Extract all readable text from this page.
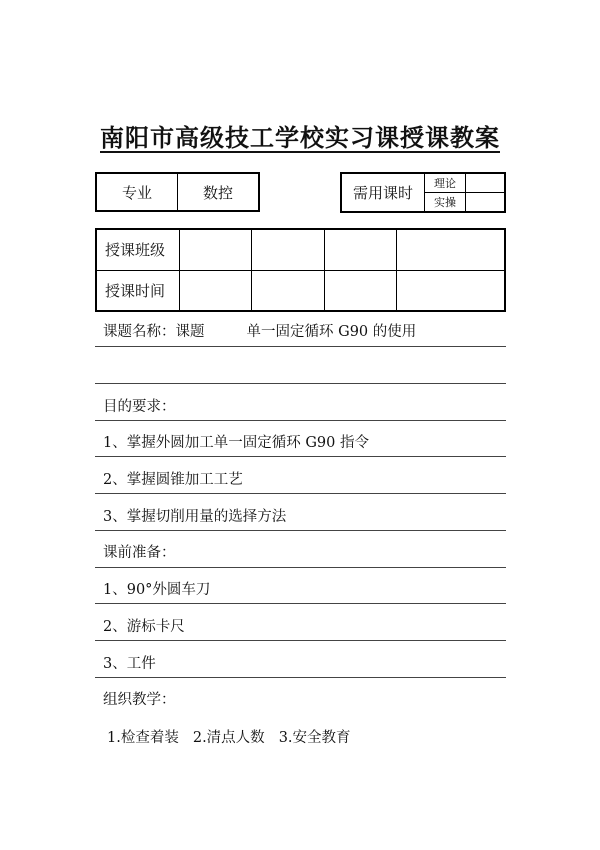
南阳市高级技工学校实习课授课教案
专业	数控	需用课时	理论	
	实操	
授课班级				
授课时间				
课题名称：课题	单一固定循环 G90 的使用
目的要求：
1、掌握外圆加工单一固定循环 G90 指令
2、掌握圆锥加工工艺
3、掌握切削用量的选择方法
课前准备：
1、90°外圆车刀
2、游标卡尺
3、工件
组织教学：
1.检查着装 2.清点人数 3.安全教育
